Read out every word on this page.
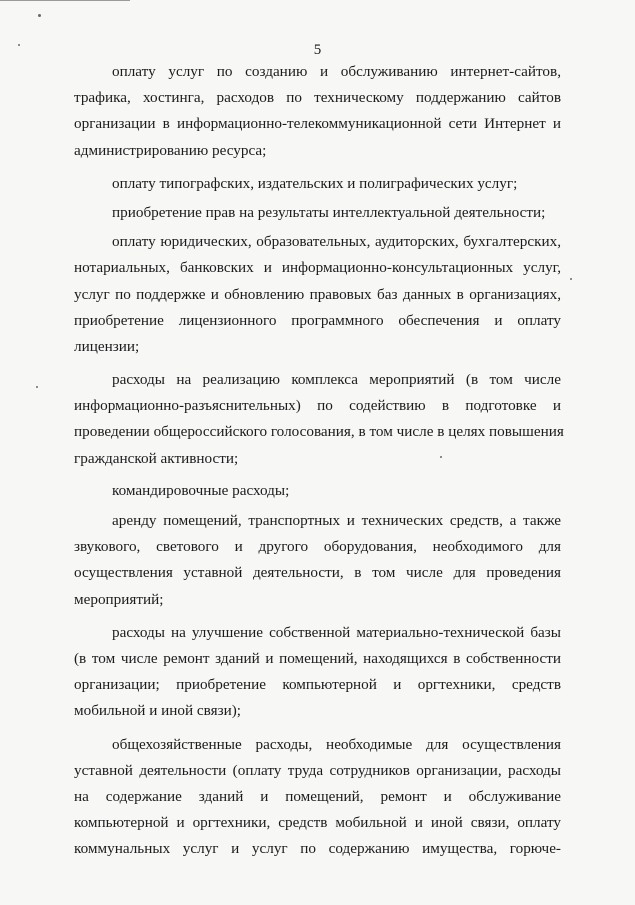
5
оплату услуг по созданию и обслуживанию интернет-сайтов,
трафика, хостинга, расходов по техническому поддержанию сайтов
организации в информационно-телекоммуникационной сети Интернет и
администрированию ресурса;
оплату типографских, издательских и полиграфических услуг;
приобретение прав на результаты интеллектуальной деятельности;
оплату юридических, образовательных, аудиторских, бухгалтерских,
нотариальных, банковских и информационно-консультационных услуг,
услуг по поддержке и обновлению правовых баз данных в организациях,
приобретение лицензионного программного обеспечения и оплату
лицензии;
расходы на реализацию комплекса мероприятий (в том числе
информационно-разъяснительных) по содействию в подготовке и
проведении общероссийского голосования, в том числе в целях повышения
гражданской активности;
командировочные расходы;
аренду помещений, транспортных и технических средств, а также
звукового, светового и другого оборудования, необходимого для
осуществления уставной деятельности, в том числе для проведения
мероприятий;
расходы на улучшение собственной материально-технической базы
(в том числе ремонт зданий и помещений, находящихся в собственности
организации; приобретение компьютерной и оргтехники, средств
мобильной и иной связи);
общехозяйственные расходы, необходимые для осуществления
уставной деятельности (оплату труда сотрудников организации, расходы
на содержание зданий и помещений, ремонт и обслуживание
компьютерной и оргтехники, средств мобильной и иной связи, оплату
коммунальных услуг и услуг по содержанию имущества, горюче-
